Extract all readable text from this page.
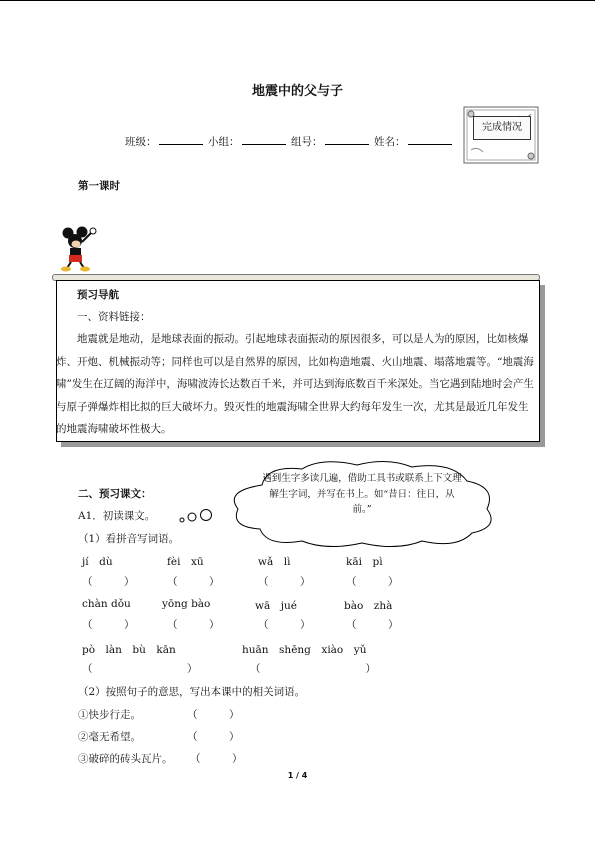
地震中的父与子
班级：	小组：	组号：	姓名：
完成情况
第一课时
预习导航
一、资料链接：
地震就是地动，是地球表面的振动。引起地球表面振动的原因很多，可以是人为的原因，比如核爆炸、开炮、机械振动等；同样也可以是自然界的原因，比如构造地震、火山地震、塌落地震等。“地震海啸”发生在辽阔的海洋中，海啸波涛长达数百千米，并可达到海底数百千米深处。当它遇到陆地时会产生与原子弹爆炸相比拟的巨大破坏力。毁灭性的地震海啸全世界大约每年发生一次，尤其是最近几年发生的地震海啸破坏性极大。
遇到生字多读几遍，借助工具书或联系上下文理解生字词，并写在书上。如“昔日：往日，从前。”
二、预习课文：
A1．初读课文。
（1）看拼音写词语。
jí　dù	fèi　xū	wǎ　lì	kāi　pì
（　　　）	（　　　）	（　　　）	（　　　）
chàn dǒu	yōng bào	wā　jué	bào　zhà
（　　　）	（　　　）	（　　　）	（　　　）
pò　làn　bù　kān	huān　shēng　xiào　yǔ
（　　　　　　　　　）	（　　　　　　　　　　）
（2）按照句子的意思，写出本课中的相关词语。
①快步行走。	（　　　）
②毫无希望。	（　　　）
③破碎的砖头瓦片。 （　　　）
1 / 4
